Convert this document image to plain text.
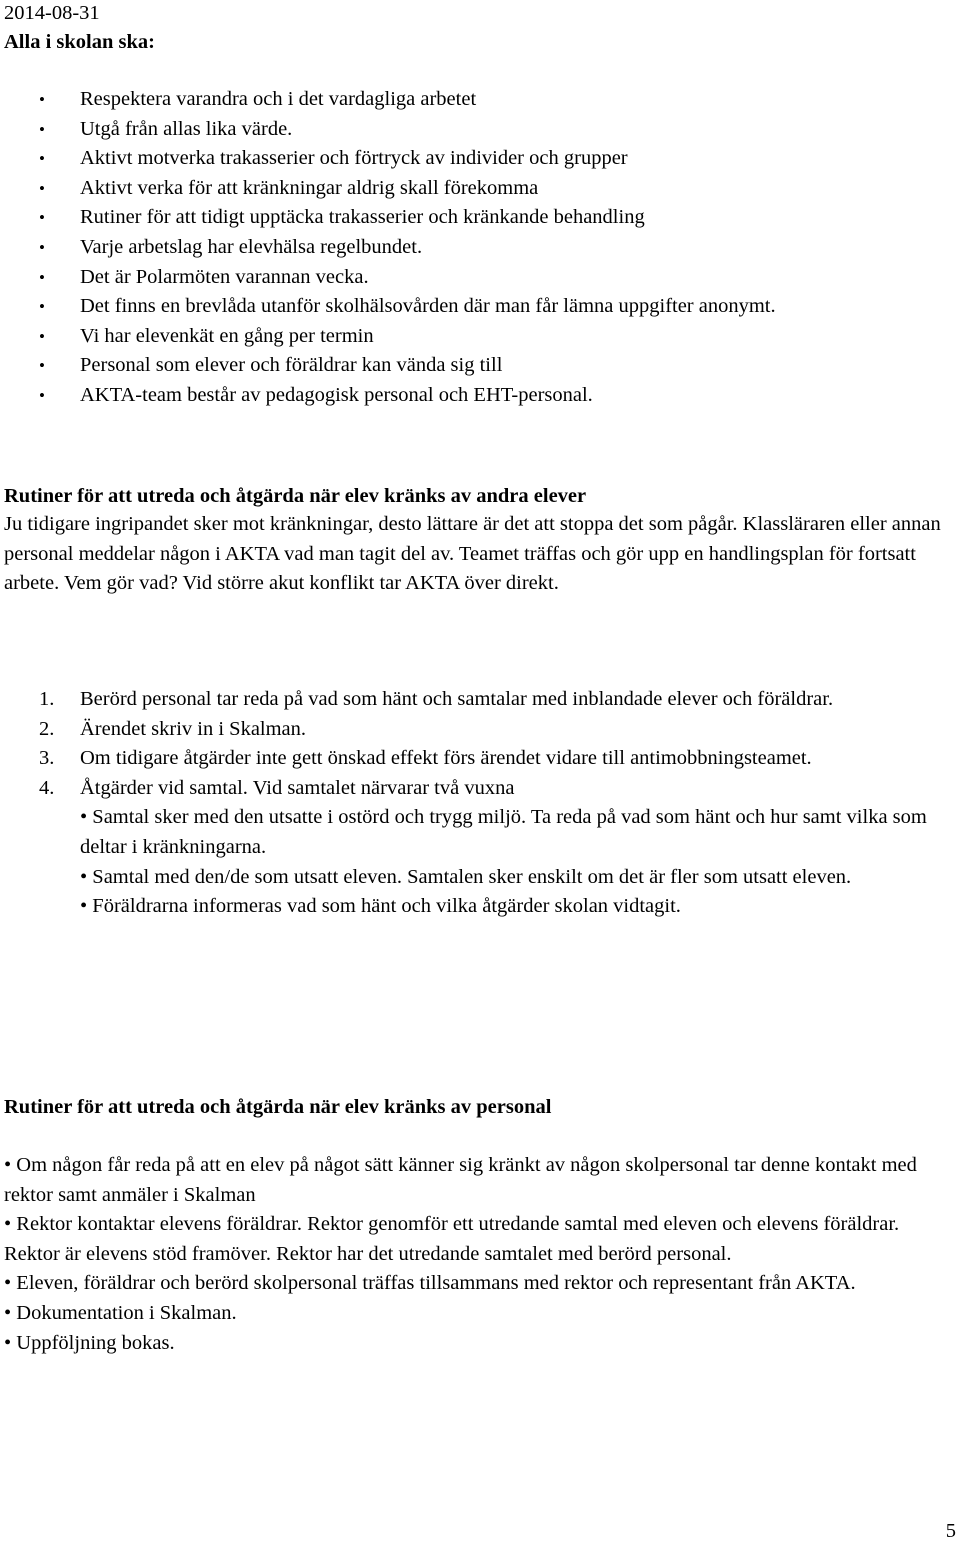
2014-08-31
Alla i skolan ska:
• Respektera varandra och i det vardagliga arbetet
• Utgå från allas lika värde.
• Aktivt motverka trakasserier och förtryck av individer och grupper
• Aktivt verka för att kränkningar aldrig skall förekomma
• Rutiner för att tidigt upptäcka trakasserier och kränkande behandling
• Varje arbetslag har elevhälsa regelbundet.
• Det är Polarmöten varannan vecka.
• Det finns en brevlåda utanför skolhälsovården där man får lämna uppgifter anonymt.
• Vi har elevenkät en gång per termin
• Personal som elever och föräldrar kan vända sig till
• AKTA-team består av pedagogisk personal och EHT-personal.
Rutiner för att utreda och åtgärda när elev kränks av andra elever

Ju tidigare ingripandet sker mot kränkningar, desto lättare är det att stoppa det som pågår. Klassläraren eller annan personal meddelar någon i AKTA vad man tagit del av. Teamet träffas och gör upp en handlingsplan för fortsatt arbete. Vem gör vad? Vid större akut konflikt tar AKTA över direkt.

1. Berörd personal tar reda på vad som hänt och samtalar med inblandade elever och föräldrar.
2. Ärendet skriv in i Skalman.
3. Om tidigare åtgärder inte gett önskad effekt förs ärendet vidare till antimobbningsteamet.
4. Åtgärder vid samtal. Vid samtalet närvarar två vuxna
• Samtal sker med den utsatte i ostörd och trygg miljö. Ta reda på vad som hänt och hur samt vilka som deltar i kränkningarna.
• Samtal med den/de som utsatt eleven. Samtalen sker enskilt om det är fler som utsatt eleven.
• Föräldrarna informeras vad som hänt och vilka åtgärder skolan vidtagit.
Rutiner för att utreda och åtgärda när elev kränks av personal
• Om någon får reda på att en elev på något sätt känner sig kränkt av någon skolpersonal tar denne kontakt med rektor samt anmäler i Skalman
• Rektor kontaktar elevens föräldrar. Rektor genomför ett utredande samtal med eleven och elevens föräldrar. Rektor är elevens stöd framöver. Rektor har det utredande samtalet med berörd personal.
• Eleven, föräldrar och berörd skolpersonal träffas tillsammans med rektor och representant från AKTA.
• Dokumentation i Skalman.
• Uppföljning bokas.
5
